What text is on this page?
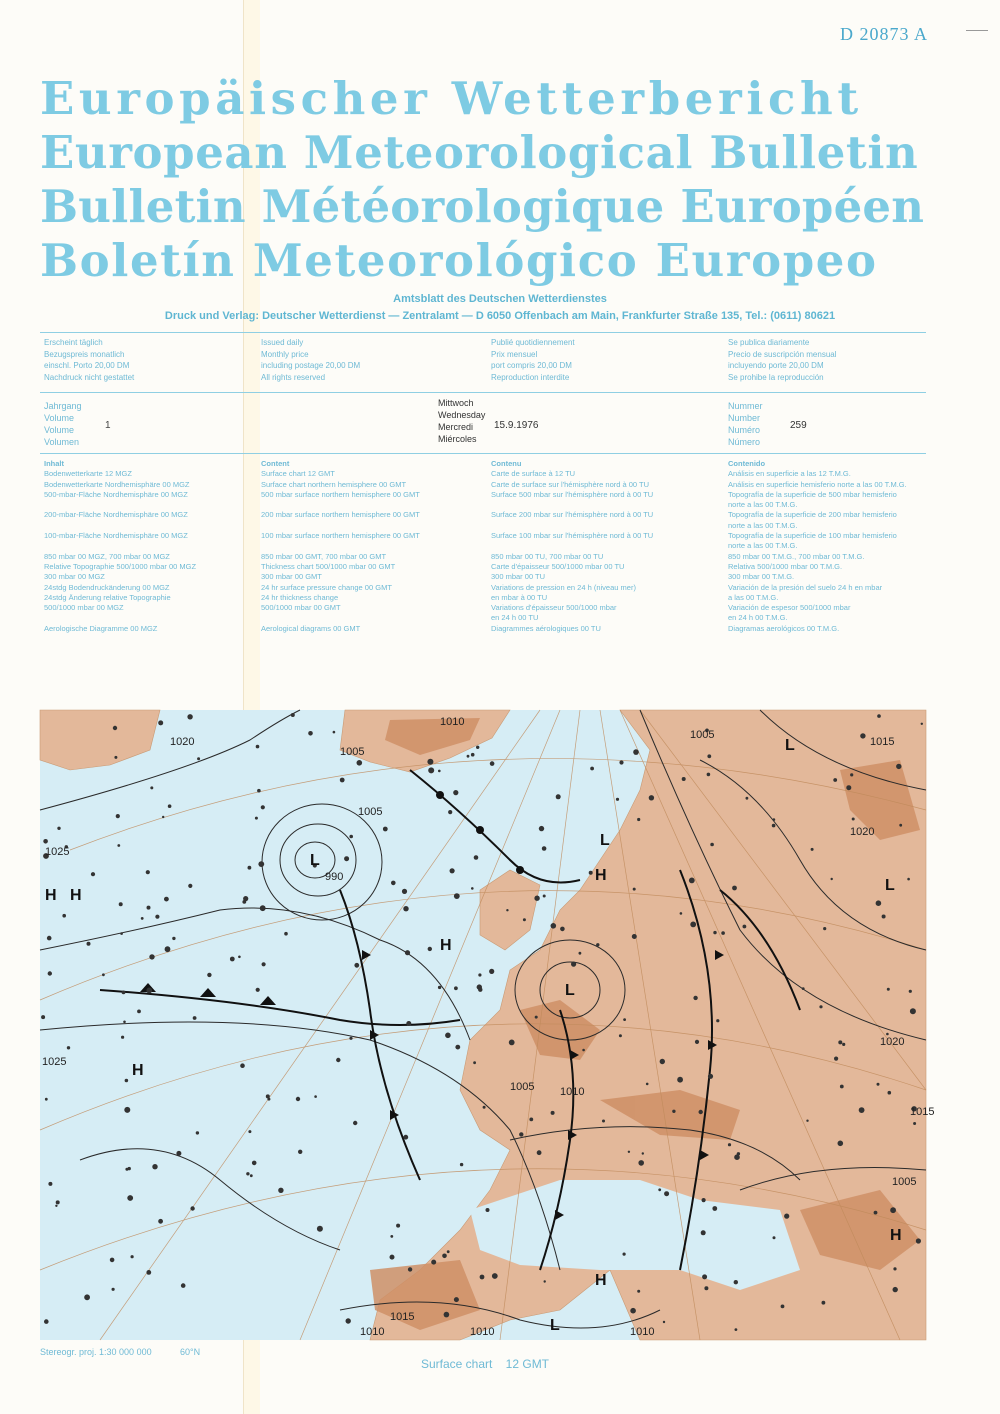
D 20873 A
Europäischer Wetterbericht
European Meteorological Bulletin
Bulletin Météorologique Européen
Boletín Meteorológico Europeo
Amtsblatt des Deutschen Wetterdienstes
Druck und Verlag: Deutscher Wetterdienst — Zentralamt — D 6050 Offenbach am Main, Frankfurter Straße 135, Tel.: (0611) 80621
Erscheint täglich
Bezugspreis monatlich
einschl. Porto 20,00 DM
Nachdruck nicht gestattet
Issued daily
Monthly price
including postage 20,00 DM
All rights reserved
Publié quotidiennement
Prix mensuel
port compris 20,00 DM
Reproduction interdite
Se publica diariamente
Precio de suscripción mensual
incluyendo porte 20,00 DM
Se prohibe la reproducción
Jahrgang
Volume
Volume
Volumen
1
Mittwoch
Wednesday
Mercredi
Miércoles
15.9.1976
Nummer
Number
Numéro
Número
259
Inhalt
Bodenwetterkarte 12 MGZ
Bodenwetterkarte Nordhemisphäre 00 MGZ
500-mbar-Fläche Nordhemisphäre 00 MGZ
200-mbar-Fläche Nordhemisphäre 00 MGZ
100-mbar-Fläche Nordhemisphäre 00 MGZ
850 mbar 00 MGZ, 700 mbar 00 MGZ
Relative Topographie 500/1000 mbar 00 MGZ
300 mbar 00 MGZ
24stdg Bodendruckänderung 00 MGZ
24stdg Änderung relative Topographie
500/1000 mbar 00 MGZ
Aerologische Diagramme 00 MGZ
Content
Surface chart 12 GMT
Surface chart northern hemisphere 00 GMT
500 mbar surface northern hemisphere 00 GMT
200 mbar surface northern hemisphere 00 GMT
100 mbar surface northern hemisphere 00 GMT
850 mbar 00 GMT, 700 mbar 00 GMT
Thickness chart 500/1000 mbar 00 GMT
300 mbar 00 GMT
24 hr surface pressure change 00 GMT
24 hr thickness change
500/1000 mbar 00 GMT
Aerological diagrams 00 GMT
Contenu
Carte de surface à 12 TU
Carte de surface sur l'hémisphère nord à 00 TU
Surface 500 mbar sur l'hémisphère nord à 00 TU
Surface 200 mbar sur l'hémisphère nord à 00 TU
Surface 100 mbar sur l'hémisphère nord à 00 TU
850 mbar 00 TU, 700 mbar 00 TU
Carte d'épaisseur 500/1000 mbar 00 TU
300 mbar 00 TU
Variations de pression en 24 h (niveau mer)
en mbar à 00 TU
Variations d'épaisseur 500/1000 mbar
en 24 h 00 TU
Diagrammes aérologiques 00 TU
Contenido
Análisis en superficie a las 12 T.M.G.
Análisis en superficie hemisferio norte a las 00 T.M.G.
Topografía de la superficie de 500 mbar hemisferio
norte a las 00 T.M.G.
Topografía de la superficie de 200 mbar hemisferio
norte a las 00 T.M.G.
Topografía de la superficie de 100 mbar hemisferio
norte a las 00 T.M.G.
850 mbar 00 T.M.G., 700 mbar 00 T.M.G.
Relativa 500/1000 mbar 00 T.M.G.
300 mbar 00 T.M.G.
Variación de la presión del suelo 24 h en mbar
a las 00 T.M.G.
Variación de espesor 500/1000 mbar
en 24 h 00 T.M.G.
Diagramas aerológicos 00 T.M.G.
1020
1005
1010
1005
1005
1015
1025
990
1010
1005
1010	1010
1015
1020
1025
1015
1020
1005
1010
L
L
L
L
L
L
H
H
H
H
H
H
H
Stereogr. proj. 1:30 000 000	60°N
Surface chart    12 GMT
